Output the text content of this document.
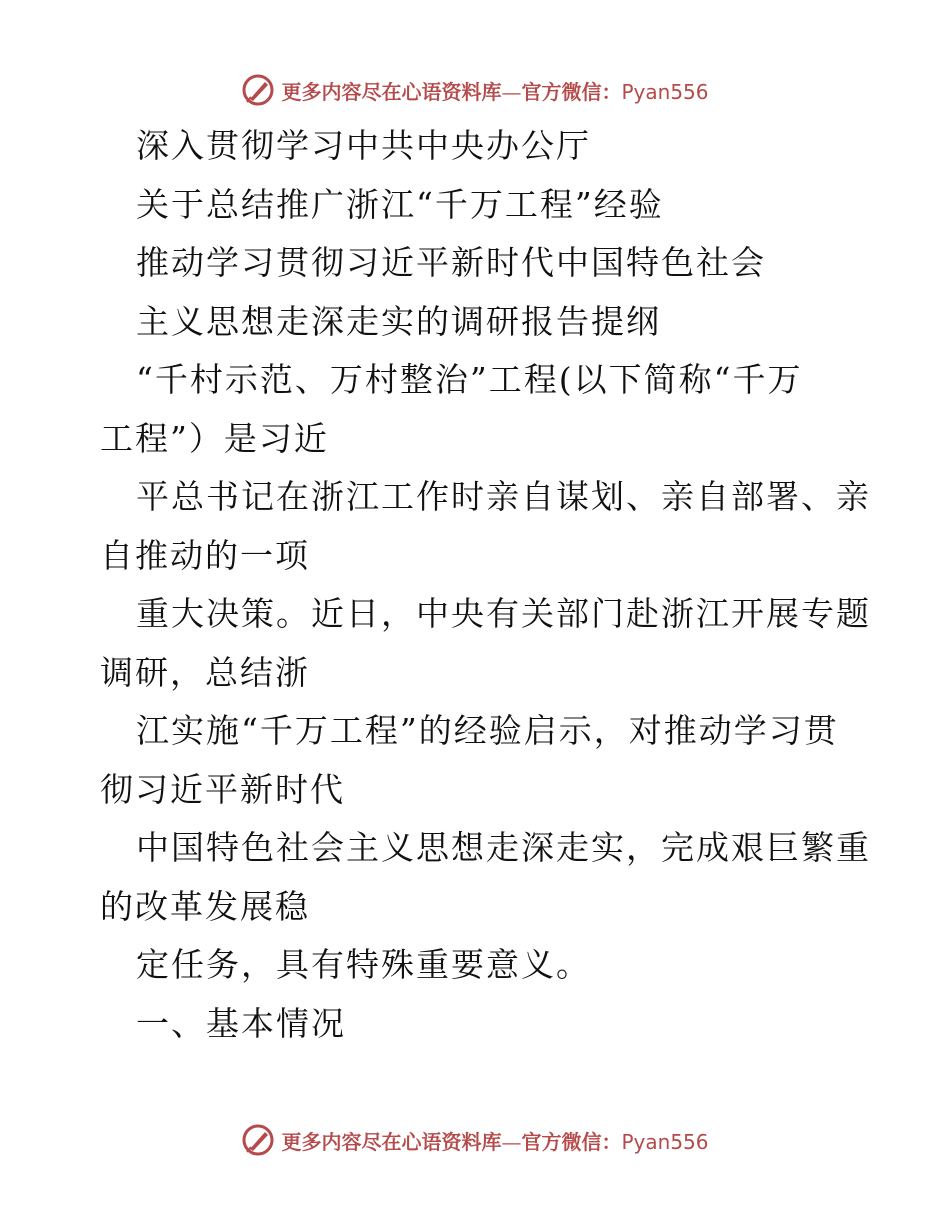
更多内容尽在心语资料库—官方微信：Pyan556
深入贯彻学习中共中央办公厅
关于总结推广浙江“千万工程”经验
推动学习贯彻习近平新时代中国特色社会
主义思想走深走实的调研报告提纲
“千村示范、万村整治”工程(以下简称“千万
工程”）是习近
平总书记在浙江工作时亲自谋划、亲自部署、亲
自推动的一项
重大决策。近日，中央有关部门赴浙江开展专题
调研，总结浙
江实施“千万工程”的经验启示，对推动学习贯
彻习近平新时代
中国特色社会主义思想走深走实，完成艰巨繁重
的改革发展稳
定任务，具有特殊重要意义。
一、基本情况
更多内容尽在心语资料库—官方微信：Pyan556
